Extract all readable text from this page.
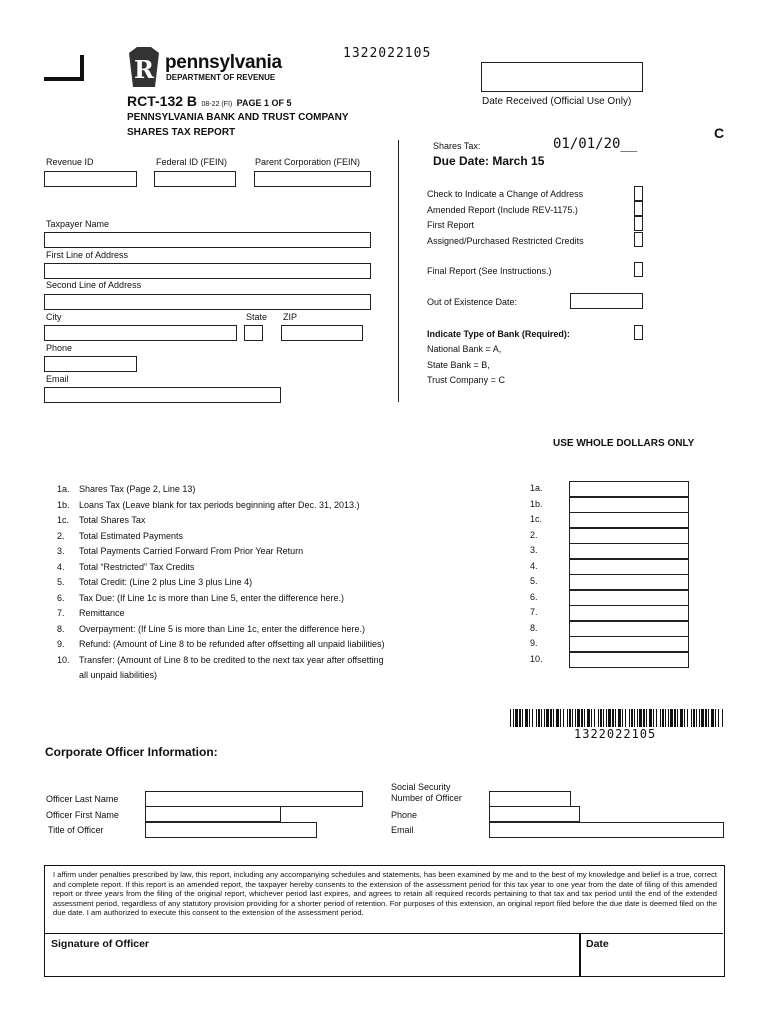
R pennsylvania
DEPARTMENT OF REVENUE
1322022105
Date Received (Official Use Only)
C
RCT-132 B 08-22 (FI) PAGE 1 OF 5
PENNSYLVANIA BANK AND TRUST COMPANY
SHARES TAX REPORT
Shares Tax:	01/01/20__
Due Date: March 15
Revenue ID	Federal ID (FEIN)	Parent Corporation (FEIN)
Taxpayer Name
First Line of Address
Second Line of Address
City	State ZIP
Phone
Email
Check to Indicate a Change of Address
Amended Report (Include REV-1175.)
First Report
Assigned/Purchased Restricted Credits
Final Report (See Instructions.)
Out of Existence Date:
Indicate Type of Bank (Required):
National Bank = A,
State Bank = B,
Trust Company = C
USE WHOLE DOLLARS ONLY
1a. Shares Tax (Page 2, Line 13)	1a.
1b. Loans Tax (Leave blank for tax periods beginning after Dec. 31, 2013.)	1b.
1c. Total Shares Tax	1c.
2. Total Estimated Payments	2.
3. Total Payments Carried Forward From Prior Year Return	3.
4. Total “Restricted” Tax Credits	4.
5. Total Credit: (Line 2 plus Line 3 plus Line 4)	5.
6. Tax Due: (If Line 1c is more than Line 5, enter the difference here.)	6.
7. Remittance	7.
8. Overpayment: (If Line 5 is more than Line 1c, enter the difference here.)	8.
9. Refund: (Amount of Line 8 to be refunded after offsetting all unpaid liabilities)	9.
10. Transfer: (Amount of Line 8 to be credited to the next tax year after offsetting	10.
all unpaid liabilities)
1322022105
Corporate Officer Information:
Officer Last Name
Officer First Name
Title of Officer
Social Security
Number of Officer
Phone
Email
I affirm under penalties prescribed by law, this report, including any accompanying schedules and statements, has been examined by me and to the best of my knowledge and belief is a true, correct and complete report. If this report is an amended report, the taxpayer hereby consents to the extension of the assessment period for this tax year to one year from the date of filing of this amended report or three years from the filing of the original report, whichever period last expires, and agrees to retain all required records pertaining to that tax and tax period until the end of the extended assessment period, regardless of any statutory provision providing for a shorter period of retention. For purposes of this extension, an original report filed before the due date is deemed filed on the due date. I am authorized to execute this consent to the extension of the assessment period.
Signature of Officer	Date
